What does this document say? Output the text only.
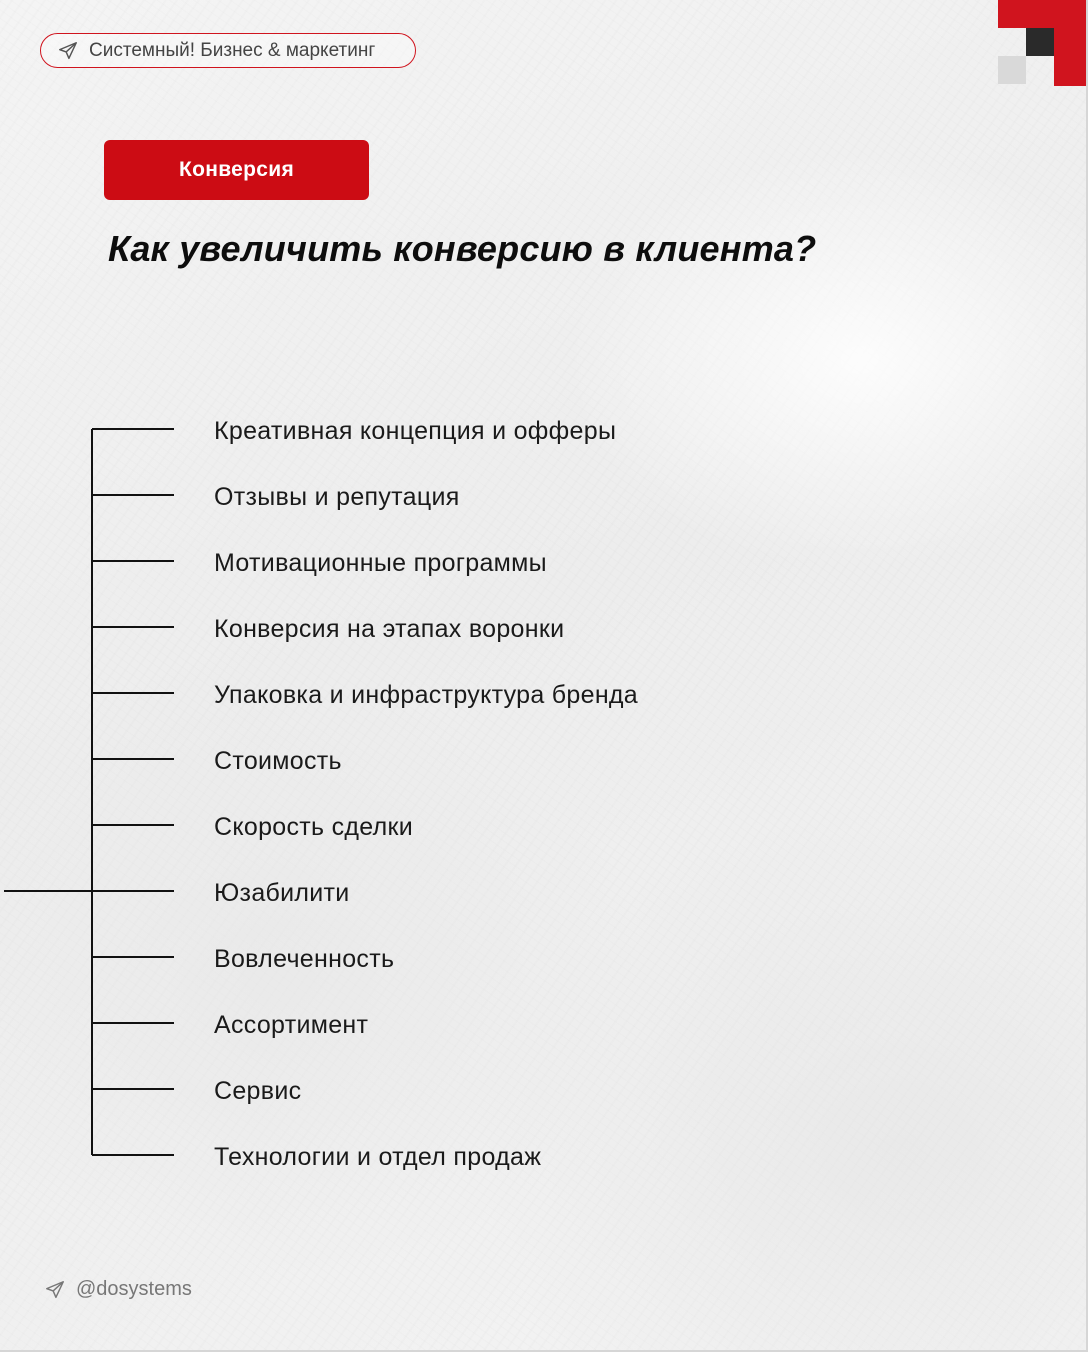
Системный! Бизнес & маркетинг
Конверсия
Как увеличить конверсию в клиента?
Креативная концепция и офферы
Отзывы и репутация
Мотивационные программы
Конверсия на этапах воронки
Упаковка и инфраструктура бренда
Стоимость
Скорость сделки
Юзабилити
Вовлеченность
Ассортимент
Сервис
Технологии и отдел продаж
@dosystems
